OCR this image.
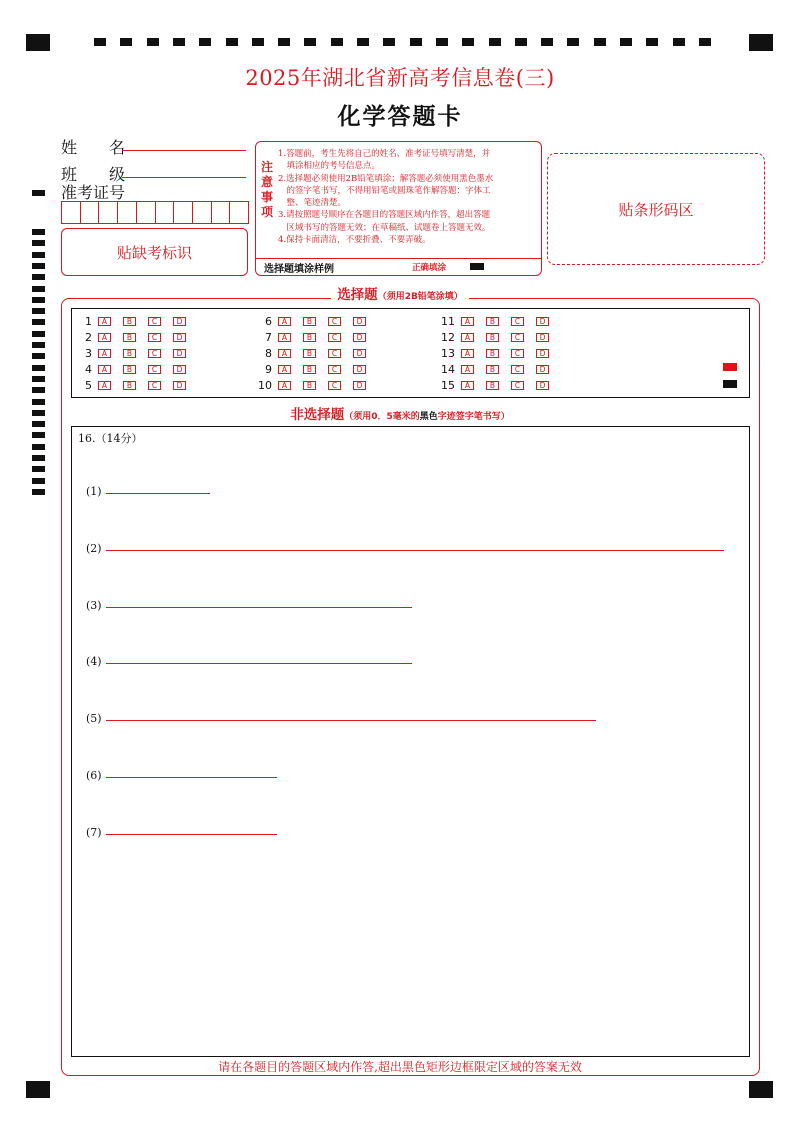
2025年湖北省新高考信息卷(三)
化学答题卡
姓　　名
班　　级
准考证号
贴缺考标识
注
意
事
项
1.答题前，考生先将自己的姓名、准考证号填写清楚，并
　填涂相应的考号信息点。
2.选择题必须使用2B铅笔填涂；解答题必须使用黑色墨水
　的签字笔书写，不得用铅笔或圆珠笔作解答题：字体工
　整、笔迹清楚。
3.请按照题号顺序在各题目的答题区域内作答，超出答题
　区域书写的答题无效；在草稿纸、试题卷上答题无效。
4.保持卡面清洁，不要折叠、不要弄破。
选择题填涂样例	正确填涂
贴条形码区
选择题（须用2B铅笔涂填）
1	A	B	C	D
2	A	B	C	D
3	A	B	C	D
4	A	B	C	D
5	A	B	C	D
6	A	B	C	D
7	A	B	C	D
8	A	B	C	D
9	A	B	C	D
10	A	B	C	D
11	A	B	C	D
12	A	B	C	D
13	A	B	C	D
14	A	B	C	D
15	A	B	C	D
非选择题（须用0．5毫米的黑色字迹签字笔书写）
16.（14分）
(1)
(2)
(3)
(4)
(5)
(6)
(7)
请在各题目的答题区域内作答,超出黑色矩形边框限定区域的答案无效
